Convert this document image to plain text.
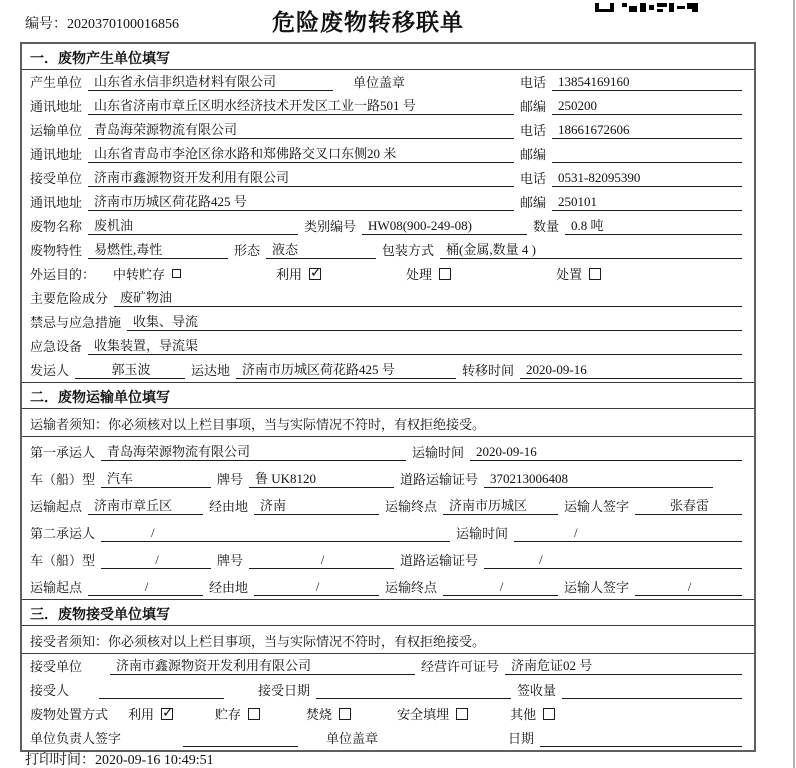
编号：2020370100016856	危险废物转移联单
一．废物产生单位填写
产生单位 山东省永信非织造材料有限公司	单位盖章	电话 13854169160
通讯地址 山东省济南市章丘区明水经济技术开发区工业一路501 号	邮编 250200
运输单位 青岛海荣源物流有限公司	电话 18661672606
通讯地址 山东省青岛市李沧区徐水路和郑佛路交叉口东侧20 米	邮编
接受单位 济南市鑫源物资开发利用有限公司	电话 0531-82095390
通讯地址 济南市历城区荷花路425 号	邮编 250101
废物名称 废机油	类别编号 HW08(900-249-08)	数量 0.8 吨
废物特性 易燃性,毒性	形态 液态	包装方式 桶(金属,数量 4 )
外运目的： 中转贮存	利用 ✓	处理	处置
主要危险成分 废矿物油
禁忌与应急措施 收集、导流
应急设备 收集装置，导流渠
发运人	郭玉波	运达地 济南市历城区荷花路425 号	转移时间 2020-09-16
二．废物运输单位填写
运输者须知：你必须核对以上栏目事项，当与实际情况不符时，有权拒绝接受。
第一承运人 青岛海荣源物流有限公司	运输时间 2020-09-16
车（船）型 汽车	牌号 鲁 UK8120	道路运输证号 370213006408
运输起点 济南市章丘区	经由地 济南	运输终点 济南市历城区	运输人签字	张春雷
第二承运人	/	运输时间	/
车（船）型	/	牌号	/	道路运输证号	/
运输起点	/	经由地	/	运输终点	/	运输人签字	/
三．废物接受单位填写
接受者须知：你必须核对以上栏目事项，当与实际情况不符时，有权拒绝接受。
接受单位	济南市鑫源物资开发利用有限公司	经营许可证号 济南危证02 号
接受人	接受日期	签收量
废物处置方式 利用 ✓	贮存	焚烧	安全填埋	其他
单位负责人签字	单位盖章	日期
打印时间：2020-09-16 10:49:51
